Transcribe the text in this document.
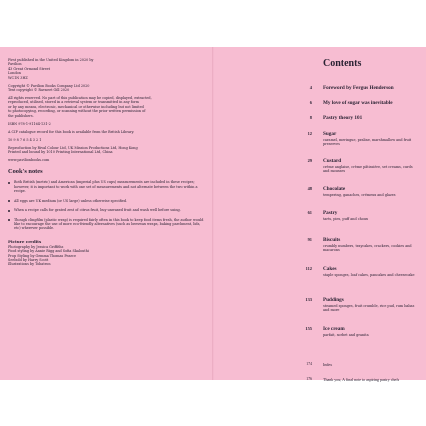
First published in the United Kingdom in 2020 by

Pavilion

43 Great Ormond Street

London

WC1N 3HZ

Copyright © Pavilion Books Company Ltd 2020

Text copyright © Ravneet Gill 2020

All rights reserved. No part of this publication may be copied, displayed, extracted,

reproduced, utilised, stored in a retrieval system or transmitted in any form

or by any means, electronic, mechanical or otherwise including but not limited

to photocopying, recording, or scanning without the prior written permission of

the publishers.

ISBN 978-1-91164-131-2

A CIP catalogue record for this book is available from the British Library.

10 9 8 7 6 5 4 3 2 1

Reproduction by Rival Colour Ltd, UK Mission Productions Ltd, Hong Kong

Printed and bound by 1010 Printing International Ltd, China

www.pavilionbooks.com

Cook's notes
Both British (metric) and American (imperial plus US cups) measurements are included in these recipes; however, it is important to work with one set of measurements and not alternate between the two within a recipe.
All eggs are UK medium (or US large) unless otherwise specified.
When a recipe calls for grated zest of citrus fruit, buy unwaxed fruit and wash well before using.
Though clingfilm (plastic wrap) is required fairly often in this book to keep food items fresh, the author would like to encourage the use of more eco-friendly alternatives (such as beeswax wraps, baking parchment, lids, etc) wherever possible.
Picture credits

Photography by Jessica Griffiths

Food styling by Annie Rigg and Sofia Skalouthi

Prop Styling by Gemma Thomas Pearce

Seebold by Harry Scott

Illustrations by Tobatron

Contents
4 Foreword by Fergus Henderson
6 My love of sugar was inevitable
8 Pastry theory 101
12 Sugar
caramel, meringue, praline, marshmallow and fruit preserves
29 Custard
crème anglaise, crème pâtissière, set creams, curds and mousses
48 Chocolate
tempering, ganaches, crémeux and glazes
61 Pastry
tarts, pies, puff and choux
91 Biscuits
crumbly numbers, traycakes, crackers, cookies and macarons
112 Cakes
staple sponges, loaf cakes, pancakes and cheesecake
133 Puddings
steamed sponges, fruit crumble, rice pud, rum babas and more
155 Ice cream
parfait, sorbet and granita
174	Index
176	Thank you; A final note to aspiring pastry chefs
